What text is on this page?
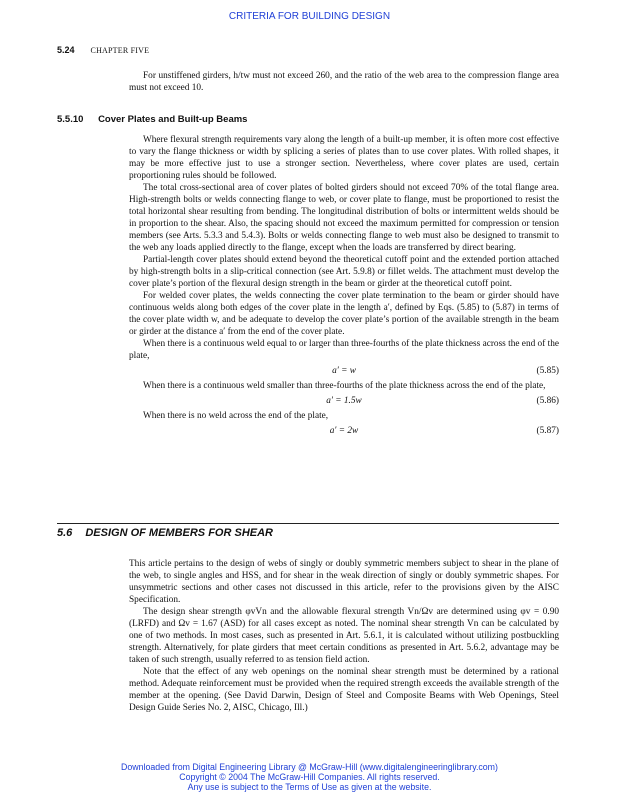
CRITERIA FOR BUILDING DESIGN
5.24 CHAPTER FIVE

For unstiffened girders, h/tw must not exceed 260, and the ratio of the web area to the compression flange area must not exceed 10.

5.5.10 Cover Plates and Built-up Beams

Where flexural strength requirements vary along the length of a built-up member, it is often more cost effective to vary the flange thickness or width by splicing a series of plates than to use cover plates. With rolled shapes, it may be more effective just to use a stronger section. Nevertheless, where cover plates are used, certain proportioning rules should be followed.

The total cross-sectional area of cover plates of bolted girders should not exceed 70% of the total flange area. High-strength bolts or welds connecting flange to web, or cover plate to flange, must be proportioned to resist the total horizontal shear resulting from bending. The longitudinal distribution of bolts or intermittent welds should be in proportion to the shear. Also, the spacing should not exceed the maximum permitted for compression or tension members (see Arts. 5.3.3 and 5.4.3). Bolts or welds connecting flange to web must also be designed to transmit to the web any loads applied directly to the flange, except when the loads are transferred by direct bearing.

Partial-length cover plates should extend beyond the theoretical cutoff point and the extended portion attached by high-strength bolts in a slip-critical connection (see Art. 5.9.8) or fillet welds. The attachment must develop the cover plate’s portion of the flexural design strength in the beam or girder at the theoretical cutoff point.

For welded cover plates, the welds connecting the cover plate termination to the beam or girder should have continuous welds along both edges of the cover plate in the length a′, defined by Eqs. (5.85) to (5.87) in terms of the cover plate width w, and be adequate to develop the cover plate’s portion of the available strength in the beam or girder at the distance a′ from the end of the cover plate.

When there is a continuous weld equal to or larger than three-fourths of the plate thickness across the end of the plate,

a′ = w	(5.85)

When there is a continuous weld smaller than three-fourths of the plate thickness across the end of the plate,

a′ = 1.5w	(5.86)

When there is no weld across the end of the plate,

a′ = 2w	(5.87)
5.6 DESIGN OF MEMBERS FOR SHEAR

This article pertains to the design of webs of singly or doubly symmetric members subject to shear in the plane of the web, to single angles and HSS, and for shear in the weak direction of singly or doubly symmetric shapes. For unsymmetric sections and other cases not discussed in this article, refer to the provisions given by the AISC Specification.

The design shear strength φvVn and the allowable flexural strength Vn/Ωv are determined using φv = 0.90 (LRFD) and Ωv = 1.67 (ASD) for all cases except as noted. The nominal shear strength Vn can be calculated by one of two methods. In most cases, such as presented in Art. 5.6.1, it is calculated without utilizing postbuckling strength. Alternatively, for plate girders that meet certain conditions as presented in Art. 5.6.2, advantage may be taken of such strength, usually referred to as tension field action.

Note that the effect of any web openings on the nominal shear strength must be determined by a rational method. Adequate reinforcement must be provided when the required strength exceeds the available strength of the member at the opening. (See David Darwin, Design of Steel and Composite Beams with Web Openings, Steel Design Guide Series No. 2, AISC, Chicago, Ill.)

Downloaded from Digital Engineering Library @ McGraw-Hill (www.digitalengineeringlibrary.com)
Copyright © 2004 The McGraw-Hill Companies. All rights reserved.
Any use is subject to the Terms of Use as given at the website.
